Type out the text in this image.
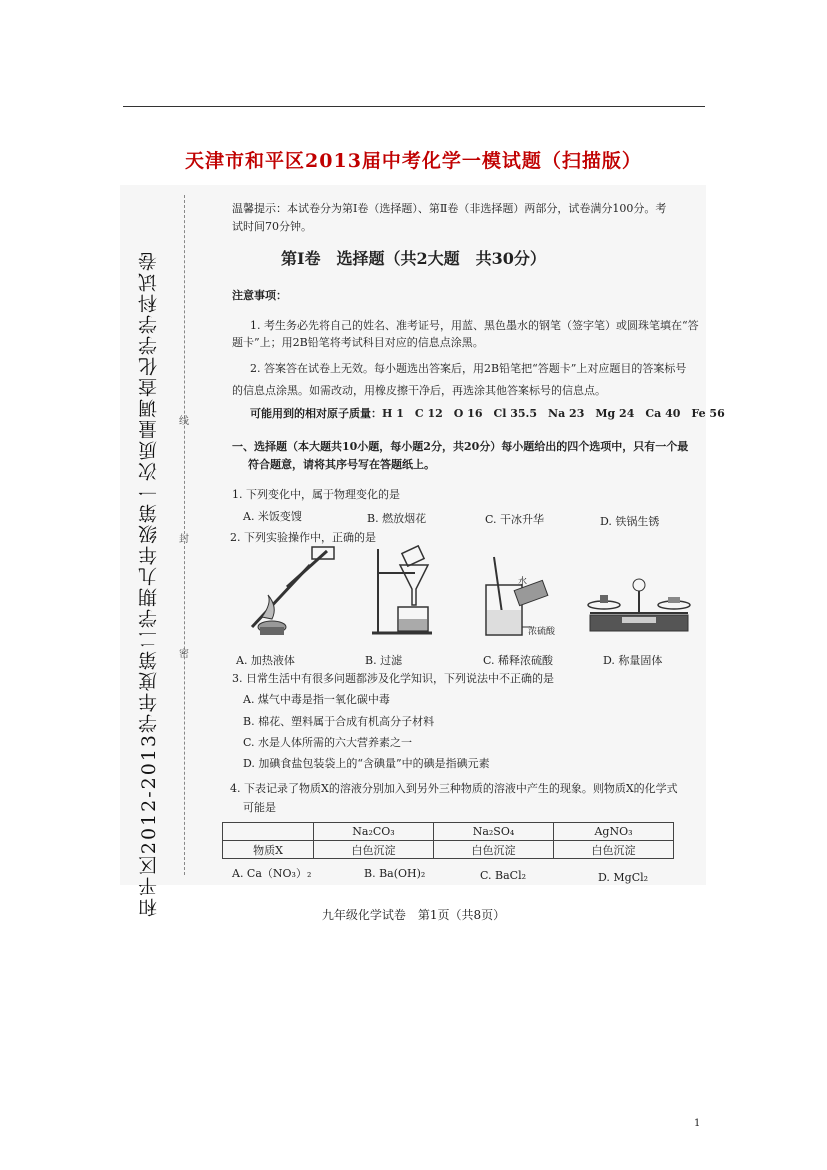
天津市和平区2013届中考化学一模试题（扫描版）
和平区2012-2013学年度第二学期九年级第一次质量调查化学学科试卷 线
封
密
温馨提示：本试卷分为第Ⅰ卷（选择题）、第Ⅱ卷（非选择题）两部分，试卷满分100分。考
试时间70分钟。
第Ⅰ卷　选择题（共2大题　共30分）
注意事项：
1. 考生务必先将自己的姓名、准考证号，用蓝、黑色墨水的钢笔（签字笔）或圆珠笔填在“答
题卡”上；用2B铅笔将考试科目对应的信息点涂黑。
2. 答案答在试卷上无效。每小题选出答案后，用2B铅笔把“答题卡”上对应题目的答案标号
的信息点涂黑。如需改动，用橡皮擦干净后，再选涂其他答案标号的信息点。
可能用到的相对原子质量：H 1　C 12　O 16　Cl 35.5　Na 23　Mg 24　Ca 40　Fe 56
一、选择题（本大题共10小题，每小题2分，共20分）每小题给出的四个选项中，只有一个最
符合题意，请将其序号写在答题纸上。
1. 下列变化中，属于物理变化的是
A. 米饭变馊	B. 燃放烟花	C. 干冰升华	D. 铁锅生锈
2. 下列实验操作中，正确的是
水
浓硫酸
A. 加热液体	B. 过滤	C. 稀释浓硫酸	D. 称量固体
3. 日常生活中有很多问题都涉及化学知识，下列说法中不正确的是
A. 煤气中毒是指一氧化碳中毒
B. 棉花、塑料属于合成有机高分子材料
C. 水是人体所需的六大营养素之一
D. 加碘食盐包装袋上的“含碘量”中的碘是指碘元素
4. 下表记录了物质X的溶液分别加入到另外三种物质的溶液中产生的现象。则物质X的化学式
可能是
	Na₂CO₃	Na₂SO₄	AgNO₃
物质X	白色沉淀	白色沉淀	白色沉淀
A. Ca（NO₃）₂	B. Ba(OH)₂	C. BaCl₂	D. MgCl₂
九年级化学试卷　第1页（共8页）
1
